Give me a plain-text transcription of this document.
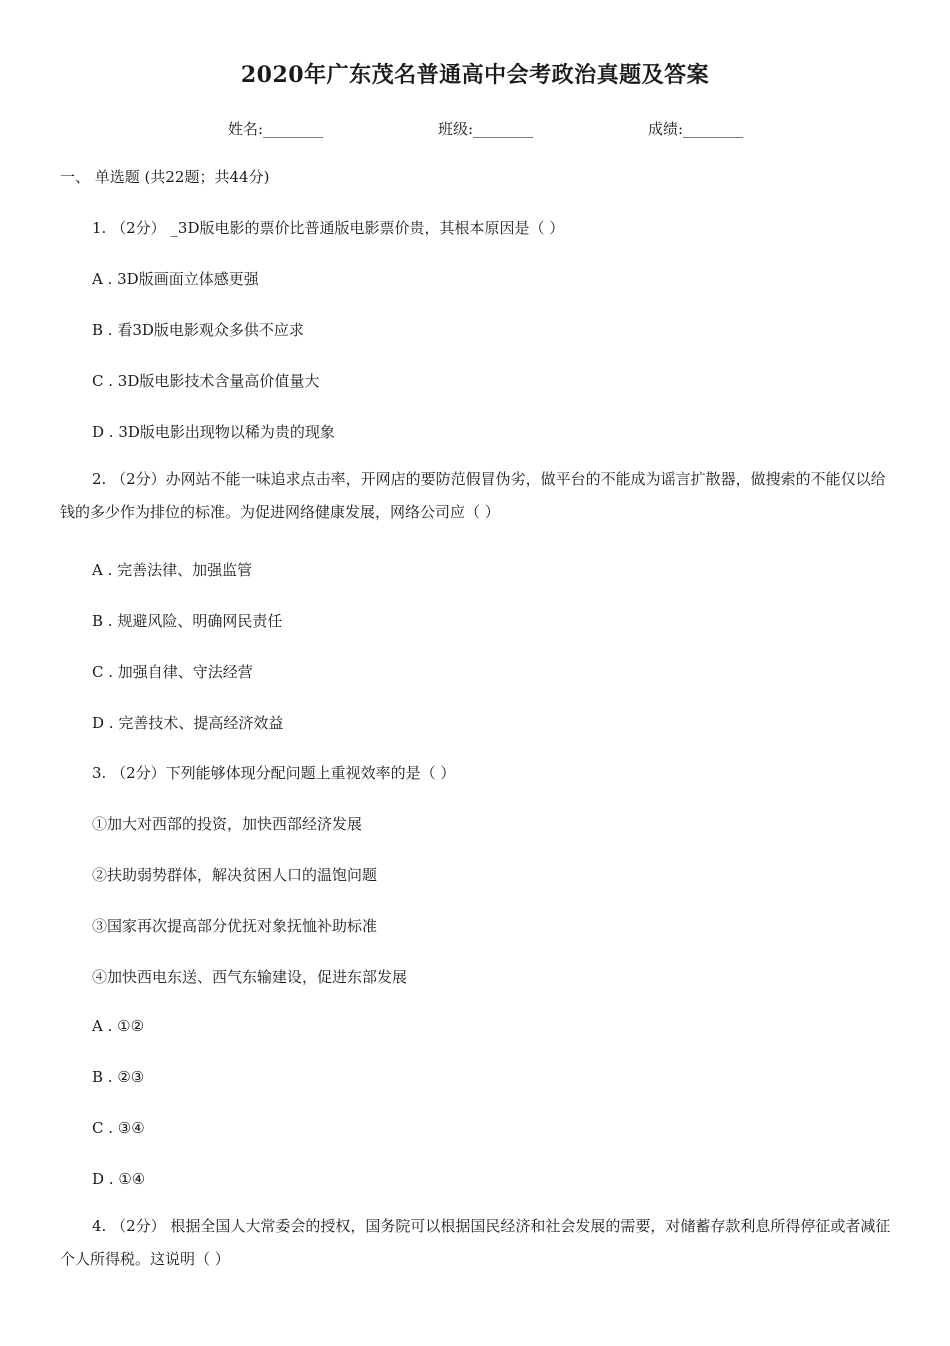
2020年广东茂名普通高中会考政治真题及答案
姓名:________	班级:________	成绩:________
一、 单选题 (共22题；共44分)
1. （2分） _3D版电影的票价比普通版电影票价贵，其根本原因是（ ）
A . 3D版画面立体感更强
B . 看3D版电影观众多供不应求
C . 3D版电影技术含量高价值量大
D . 3D版电影出现物以稀为贵的现象
2. （2分）办网站不能一味追求点击率，开网店的要防范假冒伪劣，做平台的不能成为谣言扩散器，做搜索的不能仅以给钱的多少作为排位的标准。为促进网络健康发展，网络公司应（ ）
A . 完善法律、加强监管
B . 规避风险、明确网民责任
C . 加强自律、守法经营
D . 完善技术、提高经济效益
3. （2分）下列能够体现分配问题上重视效率的是（ ）
①加大对西部的投资，加快西部经济发展
②扶助弱势群体，解决贫困人口的温饱问题
③国家再次提高部分优抚对象抚恤补助标准
④加快西电东送、西气东输建设，促进东部发展
A . ①②
B . ②③
C . ③④
D . ①④
4. （2分） 根据全国人大常委会的授权，国务院可以根据国民经济和社会发展的需要，对储蓄存款利息所得停征或者减征个人所得税。这说明（ ）
